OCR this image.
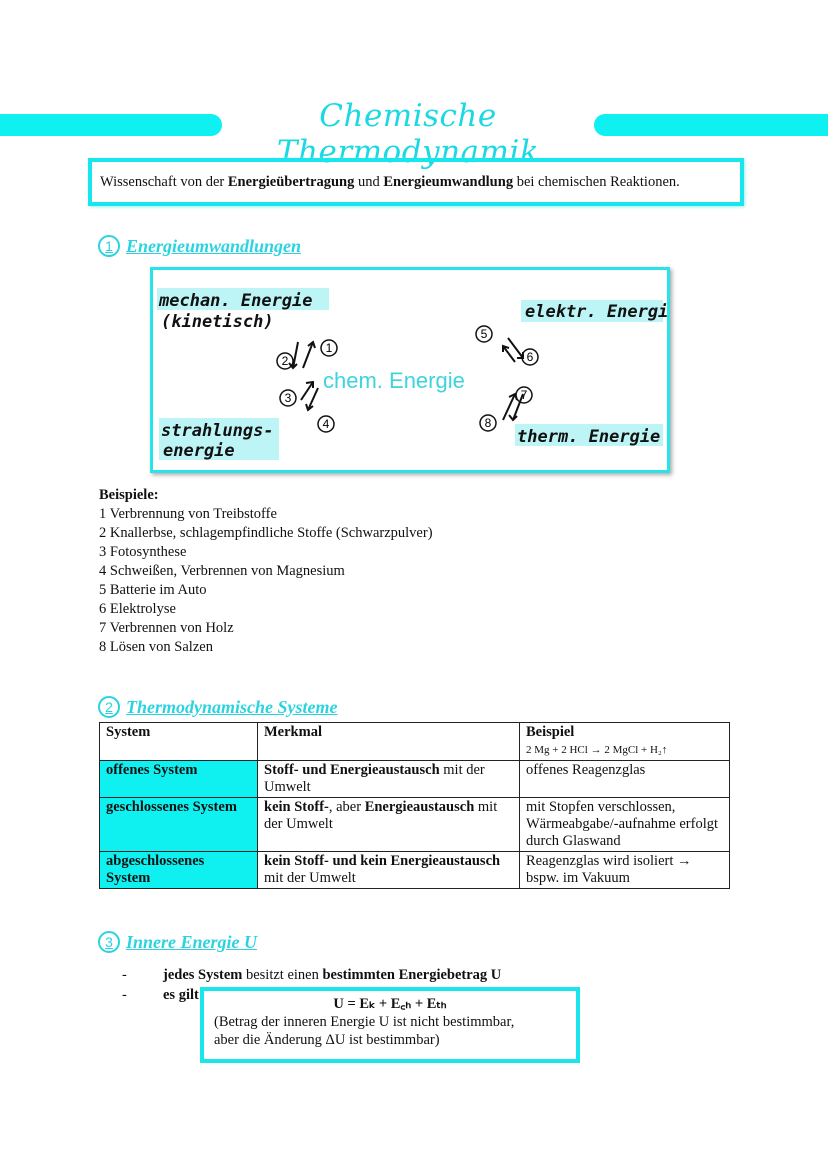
Chemische Thermodynamik
Wissenschaft von der Energieübertragung und Energieumwandlung bei chemischen Reaktionen.
1 Energieumwandlungen
mechan. Energie
(kinetisch)	elektr. Energie
chem. Energie
strahlungs-
energie
therm. Energie
1
2
3
4
5
6
7
8
Beispiele:
1 Verbrennung von Treibstoffe
2 Knallerbse, schlagempfindliche Stoffe (Schwarzpulver)
3 Fotosynthese
4 Schweißen, Verbrennen von Magnesium
5 Batterie im Auto
6 Elektrolyse
7 Verbrennen von Holz
8 Lösen von Salzen
2 Thermodynamische Systeme
System	Merkmal	Beispiel
2 Mg + 2 HCl → 2 MgCl + H₂↑
offenes System	Stoff- und Energieaustausch mit der Umwelt	offenes Reagenzglas
geschlossenes System	kein Stoff-, aber Energieaustausch mit der Umwelt	mit Stopfen verschlossen, Wärmeabgabe/-aufnahme erfolgt durch Glaswand
abgeschlossenes System	kein Stoff- und kein Energieaustausch mit der Umwelt	Reagenzglas wird isoliert → bspw. im Vakuum
3 Innere Energie U
- jedes System besitzt einen bestimmten Energiebetrag U
- es gilt:
U = Eₖ + E꜀ₕ + Eₜₕ
(Betrag der inneren Energie U ist nicht bestimmbar,
aber die Änderung ΔU ist bestimmbar)
